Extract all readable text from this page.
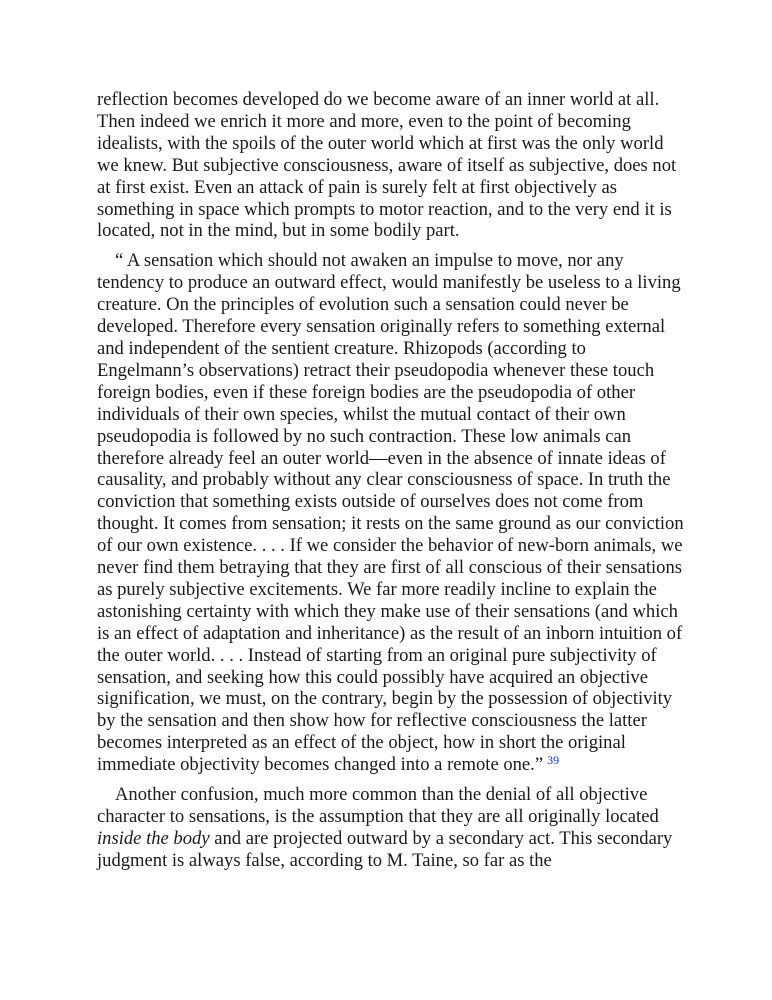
reflection becomes developed do we become aware of an inner world at all. Then indeed we enrich it more and more, even to the point of becoming idealists, with the spoils of the outer world which at first was the only world we knew. But subjective consciousness, aware of itself as subjective, does not at first exist. Even an attack of pain is surely felt at first objectively as something in space which prompts to motor reaction, and to the very end it is located, not in the mind, but in some bodily part.

“ A sensation which should not awaken an impulse to move, nor any tendency to produce an outward effect, would manifestly be useless to a living creature. On the principles of evolution such a sensation could never be developed. Therefore every sensation originally refers to something external and independent of the sentient creature. Rhizopods (according to Engelmann’s observations) retract their pseudopodia whenever these touch foreign bodies, even if these foreign bodies are the pseudopodia of other individuals of their own species, whilst the mutual contact of their own pseudopodia is followed by no such contraction. These low animals can therefore already feel an outer world—even in the absence of innate ideas of causality, and probably without any clear consciousness of space. In truth the conviction that something exists outside of ourselves does not come from thought. It comes from sensation; it rests on the same ground as our conviction of our own existence. . . . If we consider the behavior of new-born animals, we never find them betraying that they are first of all conscious of their sensations as purely subjective excitements. We far more readily incline to explain the astonishing certainty with which they make use of their sensations (and which is an effect of adaptation and inheritance) as the result of an inborn intuition of the outer world. . . . Instead of starting from an original pure subjectivity of sensation, and seeking how this could possibly have acquired an objective signification, we must, on the contrary, begin by the possession of objectivity by the sensation and then show how for reflective consciousness the latter becomes interpreted as an effect of the object, how in short the original immediate objectivity becomes changed into a remote one.” $^{39}$

Another confusion, much more common than the denial of all objective character to sensations, is the assumption that they are all originally located inside the body and are projected outward by a secondary act. This secondary judgment is always false, according to M. Taine, so far as the
